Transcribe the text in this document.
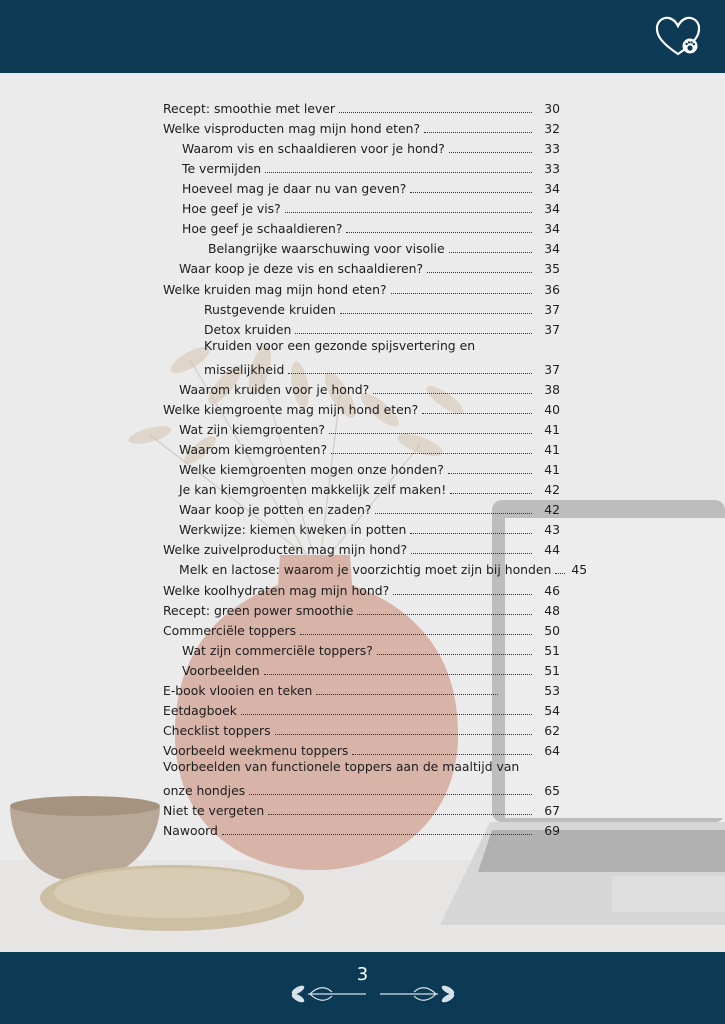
Recept: smoothie met lever	30
Welke visproducten mag mijn hond eten?	32
Waarom vis en schaaldieren voor je hond?	33
Te vermijden	33
Hoeveel mag je daar nu van geven?	34
Hoe geef je vis?	34
Hoe geef je schaaldieren?	34
Belangrijke waarschuwing voor visolie	34
Waar koop je deze vis en schaaldieren?	35
Welke kruiden mag mijn hond eten?	36
Rustgevende kruiden	37
Detox kruiden	37
Kruiden voor een gezonde spijsvertering en
misselijkheid	37
Waarom kruiden voor je hond?	38
Welke kiemgroente mag mijn hond eten?	40
Wat zijn kiemgroenten?	41
Waarom kiemgroenten?	41
Welke kiemgroenten mogen onze honden?	41
Je kan kiemgroenten makkelijk zelf maken!	42
Waar koop je potten en zaden?	42
Werkwijze: kiemen kweken in potten	43
Welke zuivelproducten mag mijn hond?	44
Melk en lactose: waarom je voorzichtig moet zijn bij honden 45
Welke koolhydraten mag mijn hond?	46
Recept: green power smoothie	48
Commerciële toppers	50
Wat zijn commerciële toppers?	51
Voorbeelden	51
E-book vlooien en teken	53
Eetdagboek	54
Checklist toppers	62
Voorbeeld weekmenu toppers	64
Voorbeelden van functionele toppers aan de maaltijd van
onze hondjes	65
Niet te vergeten	67
Nawoord	69
3
